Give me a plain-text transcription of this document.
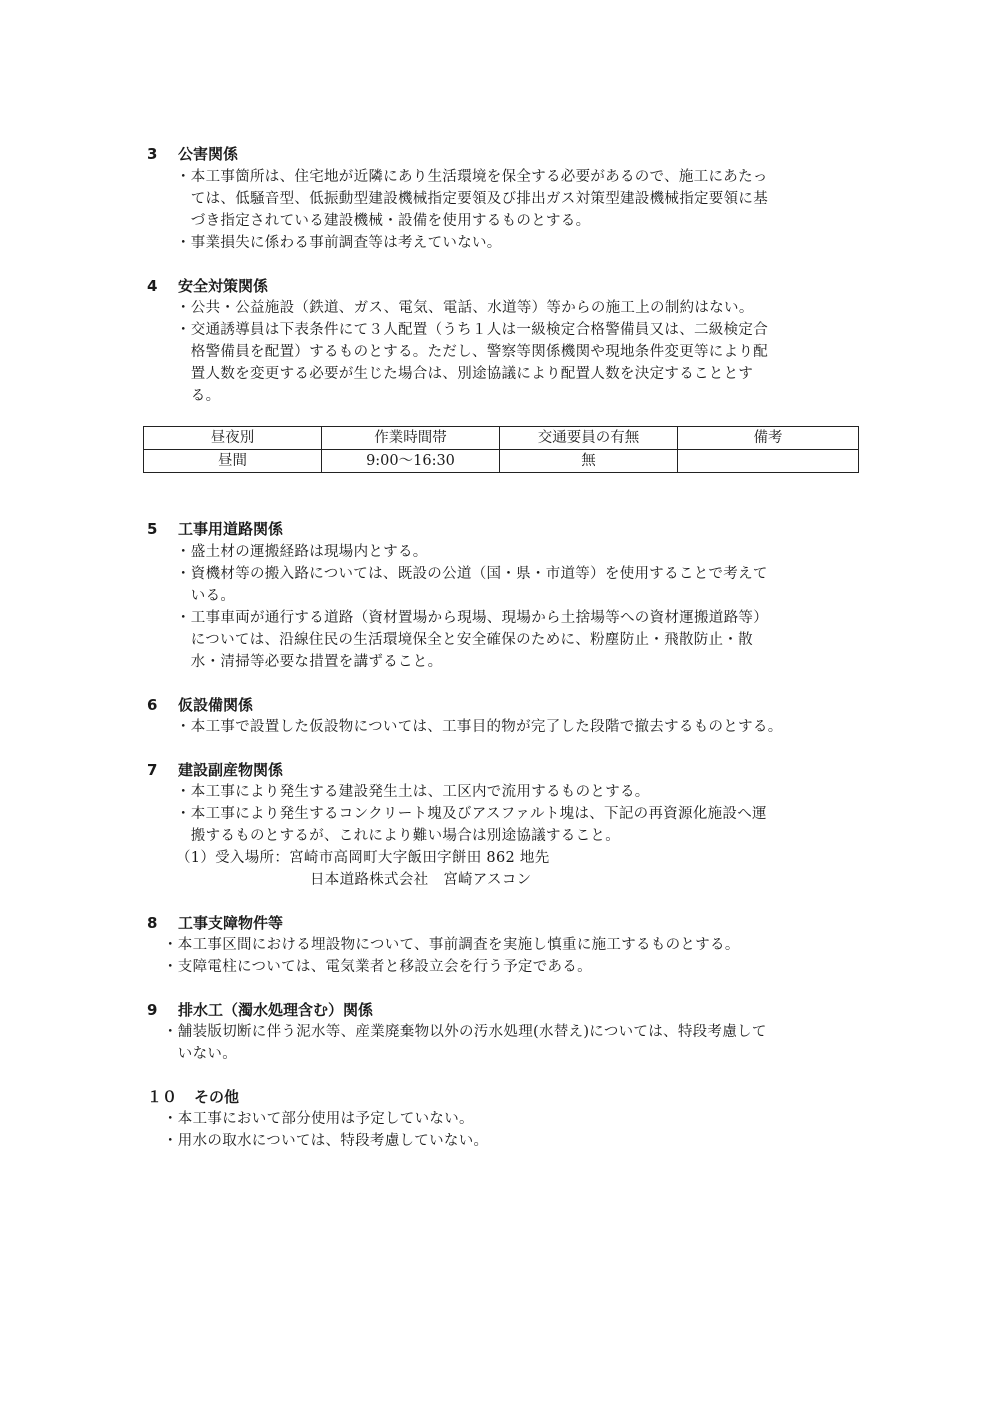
3 公害関係
・本工事箇所は、住宅地が近隣にあり生活環境を保全する必要があるので、施工にあたっ
　ては、低騒音型、低振動型建設機械指定要領及び排出ガス対策型建設機械指定要領に基
　づき指定されている建設機械・設備を使用するものとする。
・事業損失に係わる事前調査等は考えていない。
4 安全対策関係
・公共・公益施設（鉄道、ガス、電気、電話、水道等）等からの施工上の制約はない。
・交通誘導員は下表条件にて３人配置（うち１人は一級検定合格警備員又は、二級検定合
　格警備員を配置）するものとする。ただし、警察等関係機関や現地条件変更等により配
　置人数を変更する必要が生じた場合は、別途協議により配置人数を決定することとす
　る。
昼夜別	作業時間帯	交通要員の有無	備考
昼間	9:00〜16:30	無	
5 工事用道路関係
・盛土材の運搬経路は現場内とする。
・資機材等の搬入路については、既設の公道（国・県・市道等）を使用することで考えて
　いる。
・工事車両が通行する道路（資材置場から現場、現場から土捨場等への資材運搬道路等）
　については、沿線住民の生活環境保全と安全確保のために、粉塵防止・飛散防止・散
　水・清掃等必要な措置を講ずること。
6 仮設備関係
・本工事で設置した仮設物については、工事目的物が完了した段階で撤去するものとする。
7 建設副産物関係
・本工事により発生する建設発生土は、工区内で流用するものとする。
・本工事により発生するコンクリート塊及びアスファルト塊は、下記の再資源化施設へ運
　搬するものとするが、これにより難い場合は別途協議すること。
（1）受入場所：宮崎市高岡町大字飯田字餅田 862 地先
日本道路株式会社　宮崎アスコン
8 工事支障物件等
・本工事区間における埋設物について、事前調査を実施し慎重に施工するものとする。
・支障電柱については、電気業者と移設立会を行う予定である。
9 排水工（濁水処理含む）関係
・舗装版切断に伴う泥水等、産業廃棄物以外の汚水処理(水替え)については、特段考慮して
　いない。
１０ その他
・本工事において部分使用は予定していない。
・用水の取水については、特段考慮していない。
